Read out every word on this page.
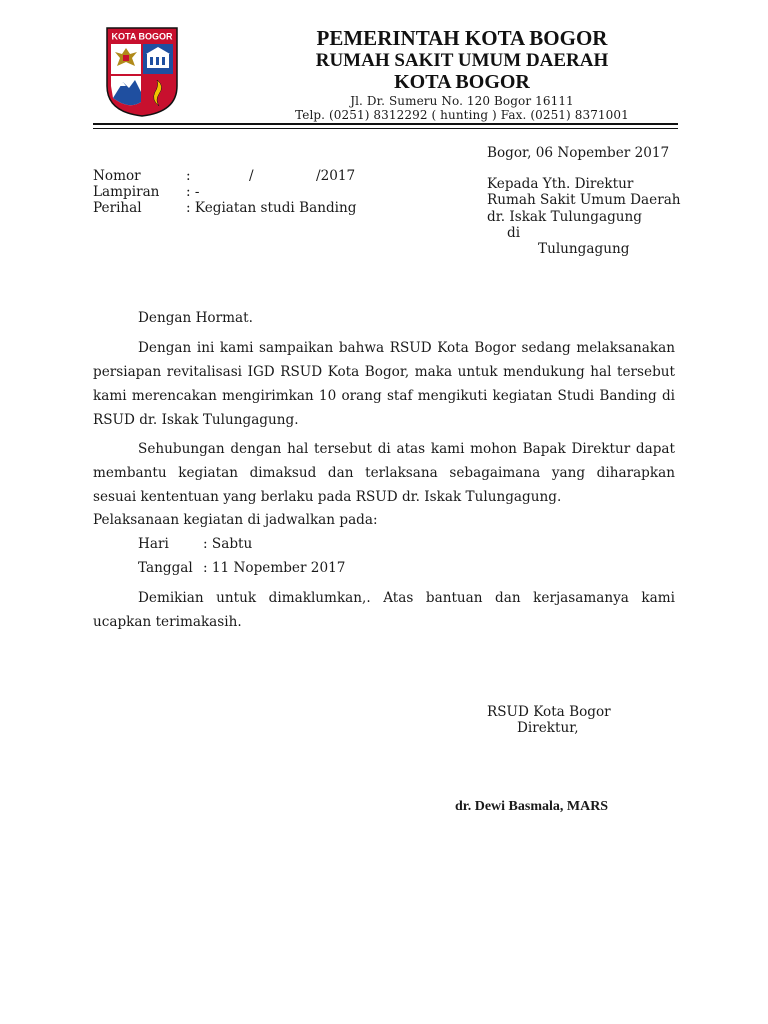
KOTA BOGOR	PEMERINTAH KOTA BOGOR
RUMAH SAKIT UMUM DAERAH
KOTA BOGOR
Jl. Dr. Sumeru No. 120 Bogor 16111
Telp. (0251) 8312292 ( hunting ) Fax. (0251) 8371001
Bogor, 06 Nopember 2017
Nomor	:	/	/2017
Lampiran : -
Perihal	: Kegiatan studi Banding
Kepada Yth. Direktur
Rumah Sakit Umum Daerah
dr. Iskak Tulungagung
di
Tulungagung
Dengan Hormat.
Dengan ini kami sampaikan bahwa RSUD Kota Bogor sedang melaksanakan
persiapan revitalisasi IGD RSUD Kota Bogor, maka untuk mendukung hal tersebut
kami merencakan mengirimkan 10 orang staf mengikuti kegiatan Studi Banding di
RSUD dr. Iskak Tulungagung.
Sehubungan dengan hal tersebut di atas kami mohon Bapak Direktur dapat
membantu kegiatan dimaksud dan terlaksana sebagaimana yang diharapkan
sesuai kententuan yang berlaku pada RSUD dr. Iskak Tulungagung.
Pelaksanaan kegiatan di jadwalkan pada:
Hari	: Sabtu
Tanggal : 11 Nopember 2017
Demikian untuk dimaklumkan,. Atas bantuan dan kerjasamanya kami
ucapkan terimakasih.
RSUD Kota Bogor
Direktur,
dr. Dewi Basmala, MARS
